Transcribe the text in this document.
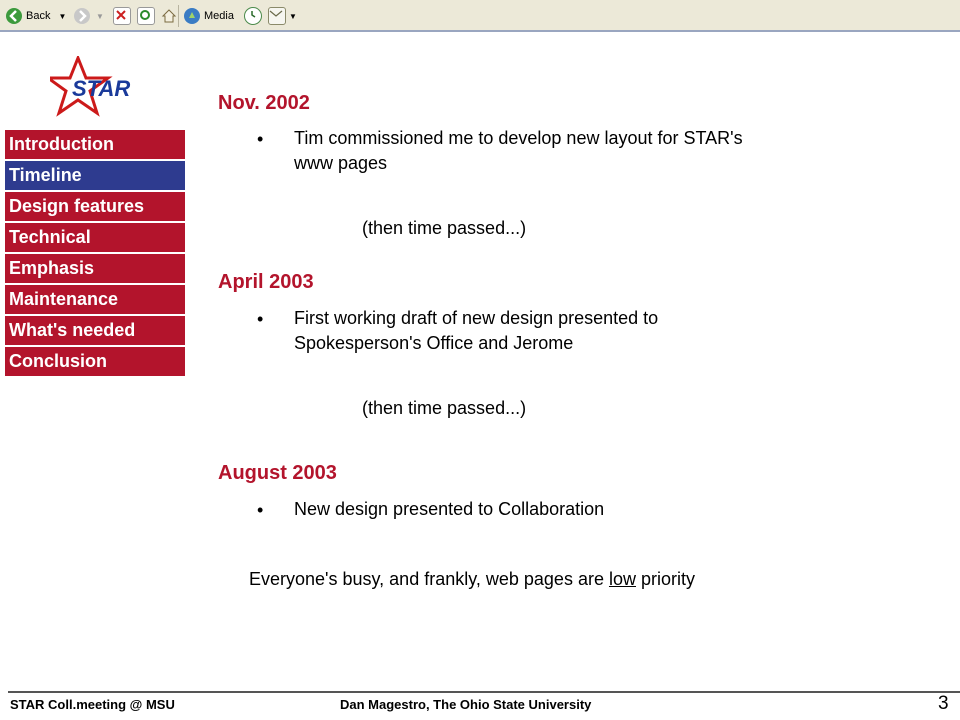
Back ▼	▼	Media	▼
STAR
Introduction
Timeline
Design features
Technical
Emphasis
Maintenance
What's needed
Conclusion
Nov. 2002
• Tim commissioned me to develop new layout for STAR's www pages
(then time passed...)
April 2003
• First working draft of new design presented to Spokesperson's Office and Jerome
(then time passed...)
August 2003
• New design presented to Collaboration
Everyone's busy, and frankly, web pages are low priority
STAR Coll.meeting @ MSU	Dan Magestro, The Ohio State University	3
